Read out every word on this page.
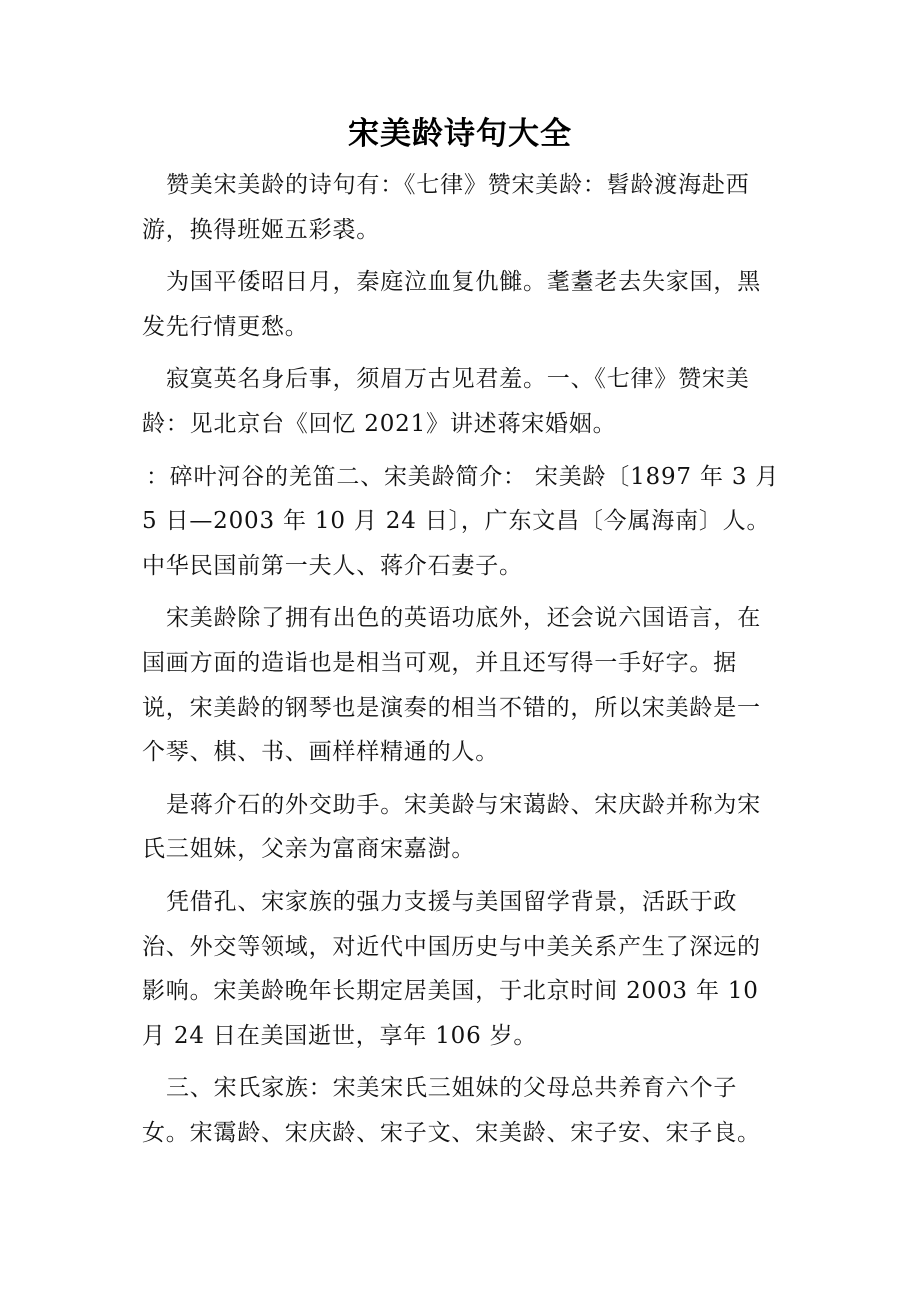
宋美龄诗句大全

赞美宋美龄的诗句有：《七律》赞宋美龄：髫龄渡海赴西游，换得班姬五彩裘。

为国平倭昭日月，秦庭泣血复仇雠。耄耋老去失家国，黑发先行情更愁。

寂寞英名身后事，须眉万古见君羞。一、《七律》赞宋美龄：见北京台《回忆 2021》讲述蒋宋婚姻。

：碎叶河谷的羌笛二、宋美龄简介： 宋美龄〔1897 年 3 月 5 日—2003 年 10 月 24 日〕，广东文昌〔今属海南〕人。中华民国前第一夫人、蒋介石妻子。

宋美龄除了拥有出色的英语功底外，还会说六国语言，在国画方面的造诣也是相当可观，并且还写得一手好字。据说，宋美龄的钢琴也是演奏的相当不错的，所以宋美龄是一个琴、棋、书、画样样精通的人。

是蒋介石的外交助手。宋美龄与宋蔼龄、宋庆龄并称为宋氏三姐妹，父亲为富商宋嘉澍。

凭借孔、宋家族的强力支援与美国留学背景，活跃于政治、外交等领域，对近代中国历史与中美关系产生了深远的影响。宋美龄晚年长期定居美国，于北京时间 2003 年 10 月 24 日在美国逝世，享年 106 岁。

三、宋氏家族：宋美宋氏三姐妹的父母总共养育六个子女。宋霭龄、宋庆龄、宋子文、宋美龄、宋子安、宋子良。
